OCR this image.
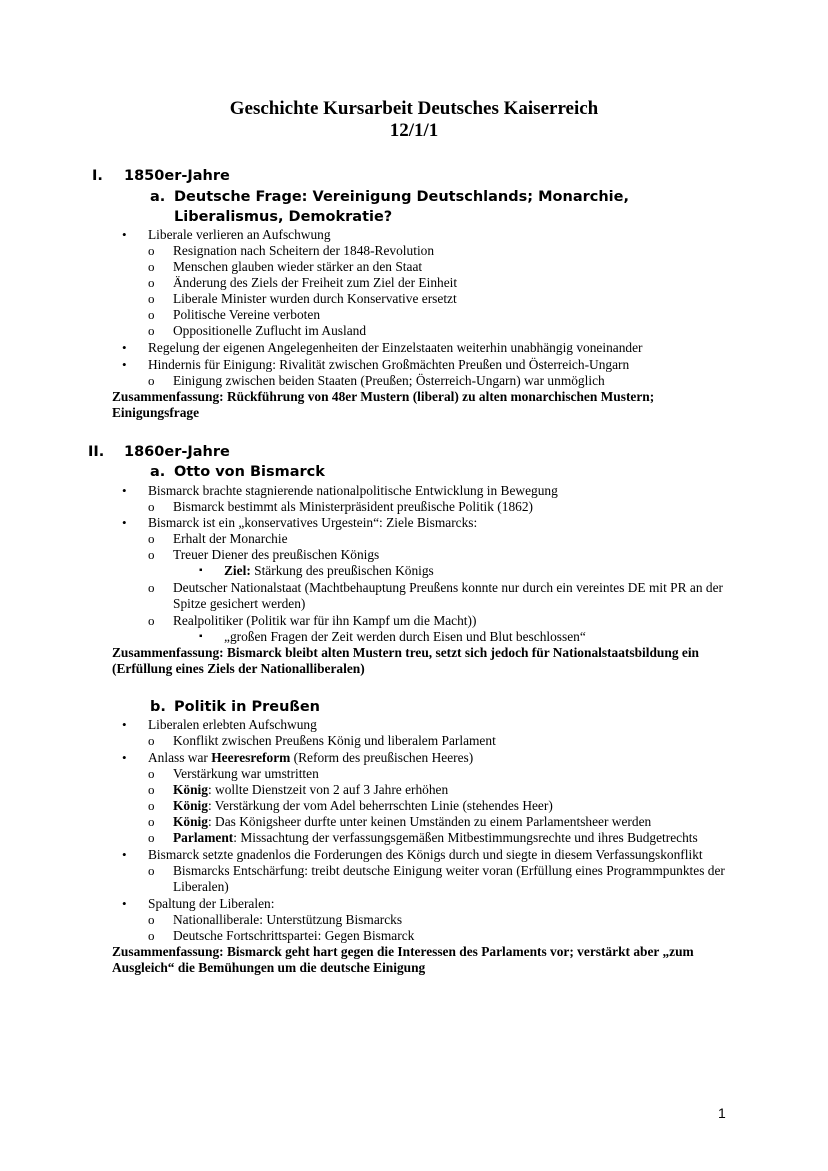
Geschichte Kursarbeit Deutsches Kaiserreich
12/1/1
I. 1850er-Jahre
a. Deutsche Frage: Vereinigung Deutschlands; Monarchie, Liberalismus, Demokratie?
• Liberale verlieren an Aufschwung
o Resignation nach Scheitern der 1848-Revolution
o Menschen glauben wieder stärker an den Staat
o Änderung des Ziels der Freiheit zum Ziel der Einheit
o Liberale Minister wurden durch Konservative ersetzt
o Politische Vereine verboten
o Oppositionelle Zuflucht im Ausland
• Regelung der eigenen Angelegenheiten der Einzelstaaten weiterhin unabhängig voneinander
• Hindernis für Einigung: Rivalität zwischen Großmächten Preußen und Österreich-Ungarn
o Einigung zwischen beiden Staaten (Preußen; Österreich-Ungarn) war unmöglich
Zusammenfassung: Rückführung von 48er Mustern (liberal) zu alten monarchischen Mustern; Einigungsfrage
II. 1860er-Jahre
a. Otto von Bismarck
• Bismarck brachte stagnierende nationalpolitische Entwicklung in Bewegung
o Bismarck bestimmt als Ministerpräsident preußische Politik (1862)
• Bismarck ist ein „konservatives Urgestein“: Ziele Bismarcks:
o Erhalt der Monarchie
o Treuer Diener des preußischen Königs
▪ Ziel: Stärkung des preußischen Königs
o Deutscher Nationalstaat (Machtbehauptung Preußens konnte nur durch ein vereintes DE mit PR an der Spitze gesichert werden)
o Realpolitiker (Politik war für ihn Kampf um die Macht))
▪ „großen Fragen der Zeit werden durch Eisen und Blut beschlossen“
Zusammenfassung: Bismarck bleibt alten Mustern treu, setzt sich jedoch für Nationalstaatsbildung ein (Erfüllung eines Ziels der Nationalliberalen)
b. Politik in Preußen
• Liberalen erlebten Aufschwung
o Konflikt zwischen Preußens König und liberalem Parlament
• Anlass war Heeresreform (Reform des preußischen Heeres)
o Verstärkung war umstritten
o König: wollte Dienstzeit von 2 auf 3 Jahre erhöhen
o König: Verstärkung der vom Adel beherrschten Linie (stehendes Heer)
o König: Das Königsheer durfte unter keinen Umständen zu einem Parlamentsheer werden
o Parlament: Missachtung der verfassungsgemäßen Mitbestimmungsrechte und ihres Budgetrechts
• Bismarck setzte gnadenlos die Forderungen des Königs durch und siegte in diesem Verfassungskonflikt
o Bismarcks Entschärfung: treibt deutsche Einigung weiter voran (Erfüllung eines Programmpunktes der Liberalen)
• Spaltung der Liberalen:
o Nationalliberale: Unterstützung Bismarcks
o Deutsche Fortschrittspartei: Gegen Bismarck
Zusammenfassung: Bismarck geht hart gegen die Interessen des Parlaments vor; verstärkt aber „zum Ausgleich“ die Bemühungen um die deutsche Einigung
1
